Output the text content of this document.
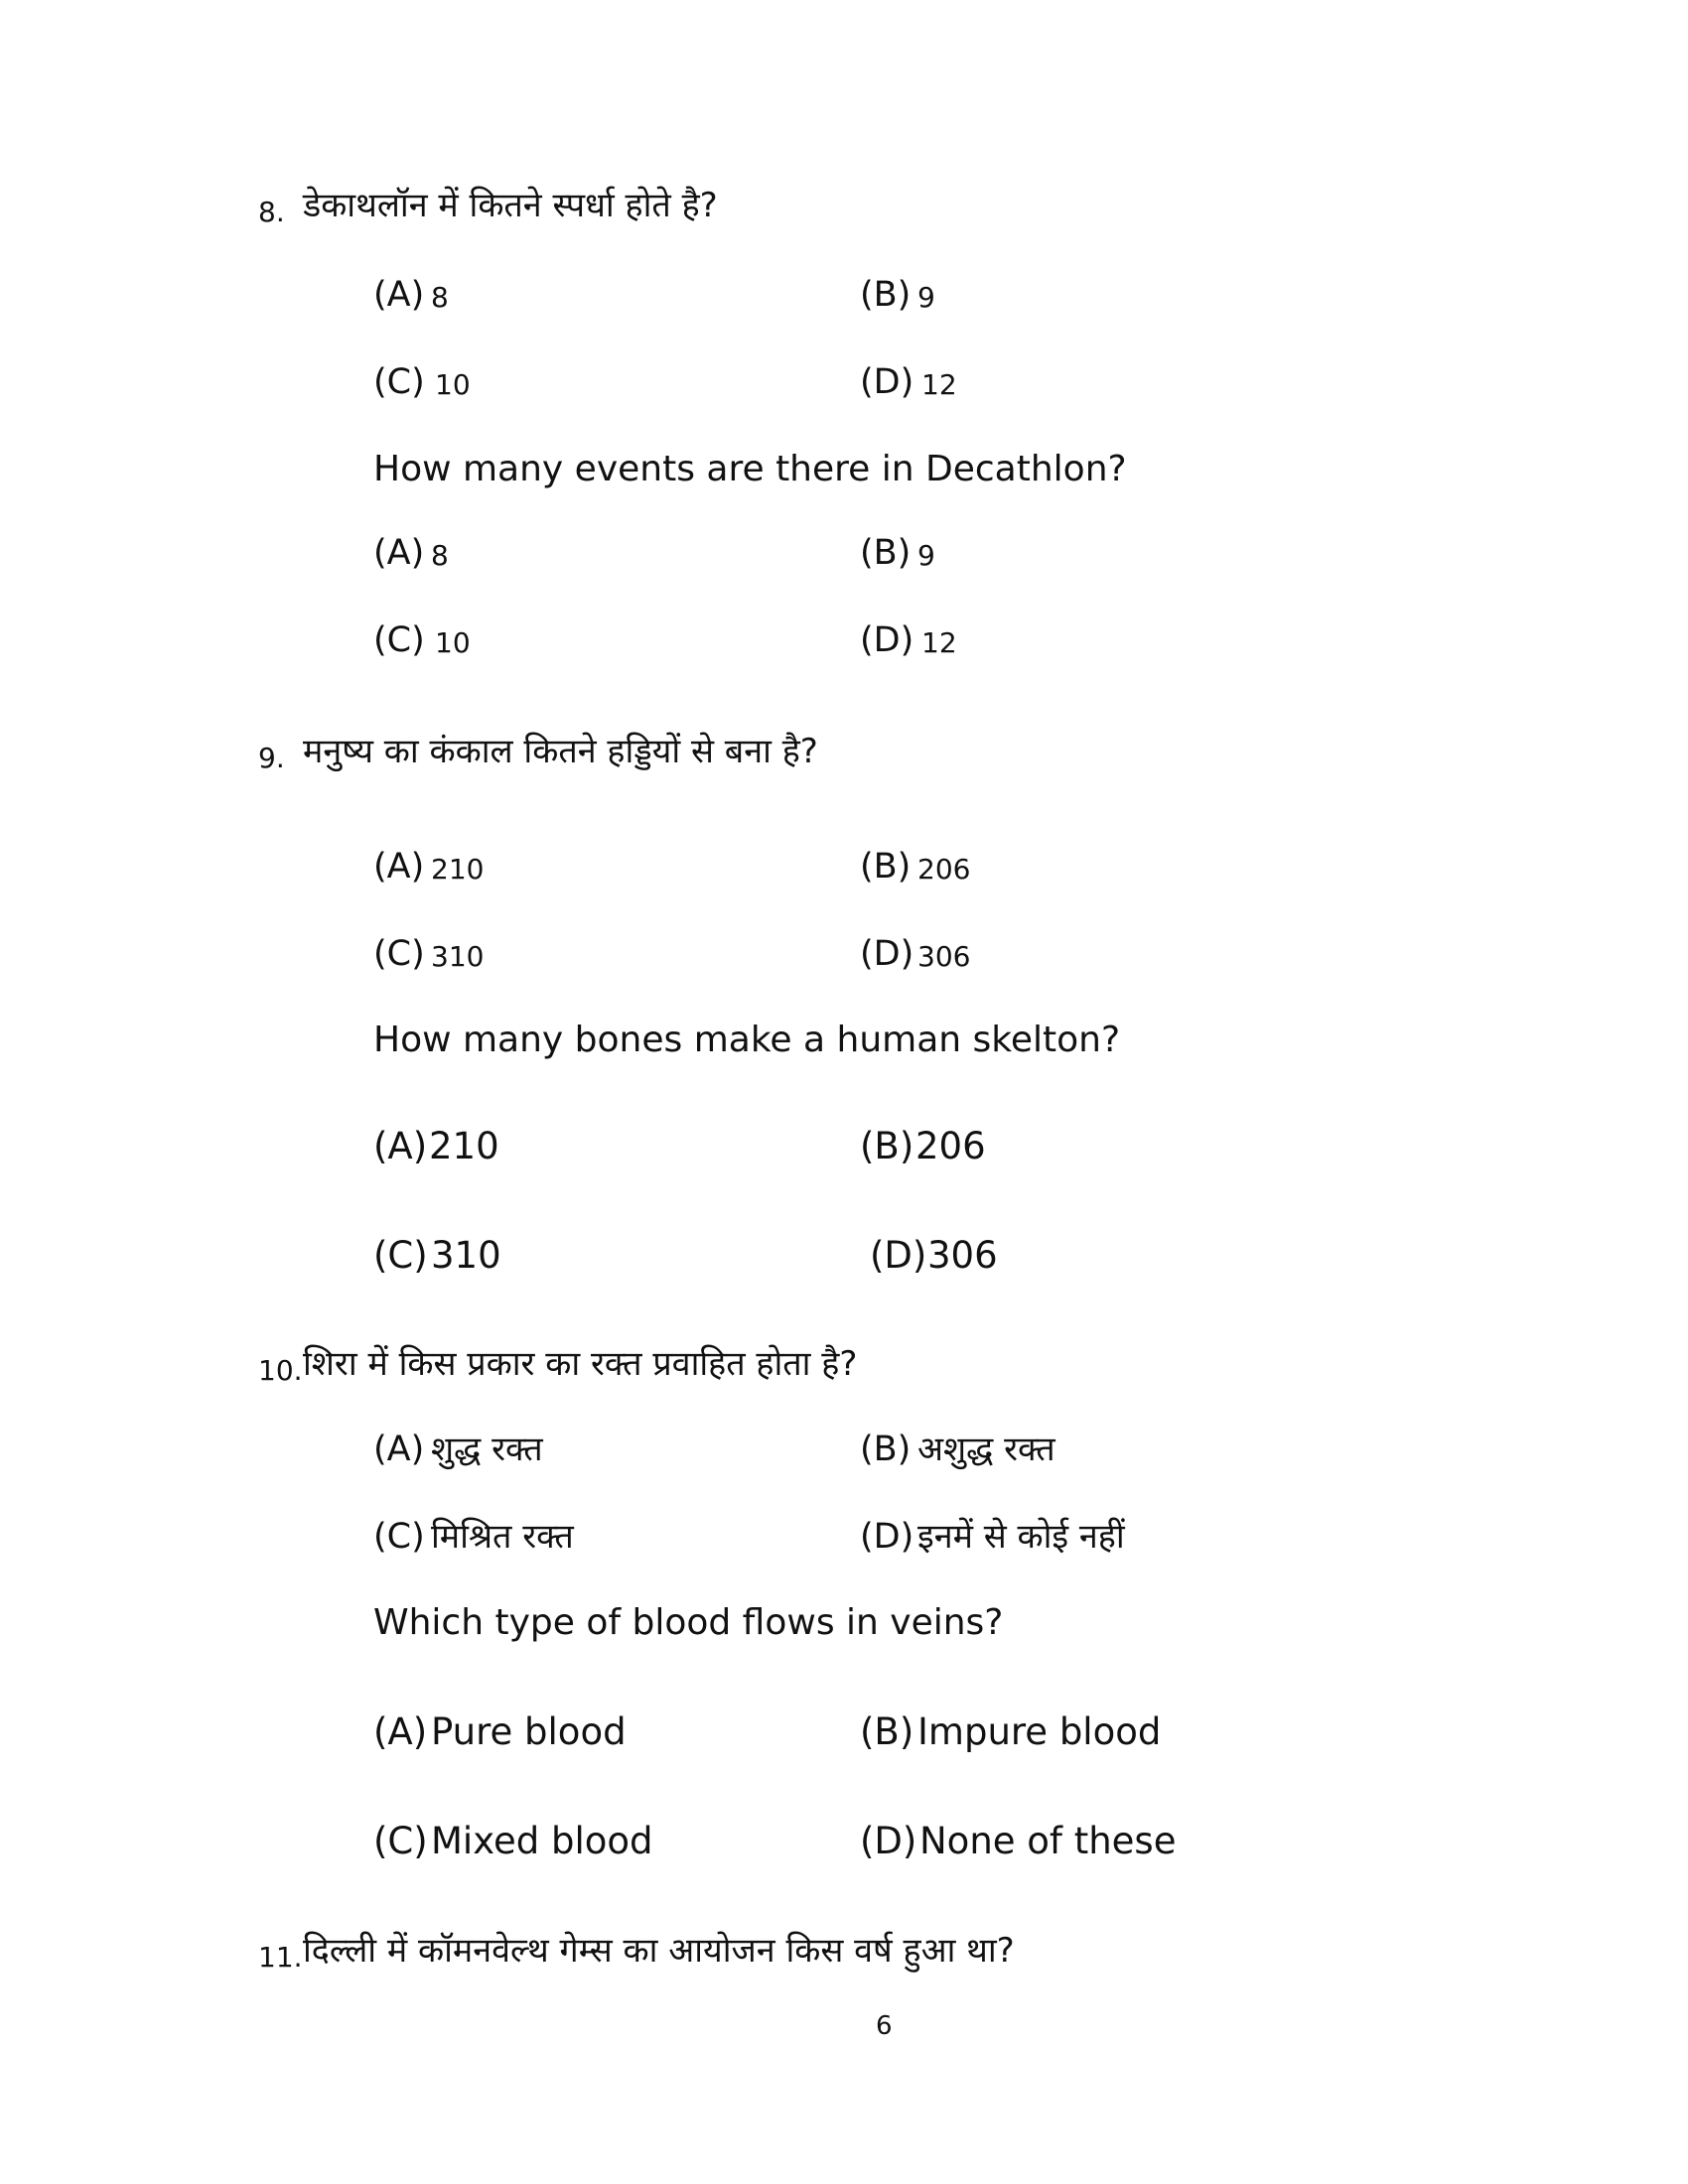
8. डेकाथलॉन में कितने स्पर्धा होते है?
(A) 8	(B) 9
(C) 10	(D) 12
How many events are there in Decathlon?
(A) 8	(B) 9
(C) 10	(D) 12
9. मनुष्य का कंकाल कितने हड्डियों से बना है?
(A) 210	(B) 206
(C) 310	(D) 306
How many bones make a human skelton?
(A) 210	(B) 206
(C) 310	(D) 306
10. शिरा में किस प्रकार का रक्त प्रवाहित होता है?
(A) शुद्ध रक्त	(B) अशुद्ध रक्त
(C) मिश्रित रक्त	(D) इनमें से कोई नहीं
Which type of blood flows in veins?
(A) Pure blood	(B) Impure blood
(C) Mixed blood	(D) None of these
11. दिल्ली में कॉमनवेल्थ गेम्स का आयोजन किस वर्ष हुआ था?
6
